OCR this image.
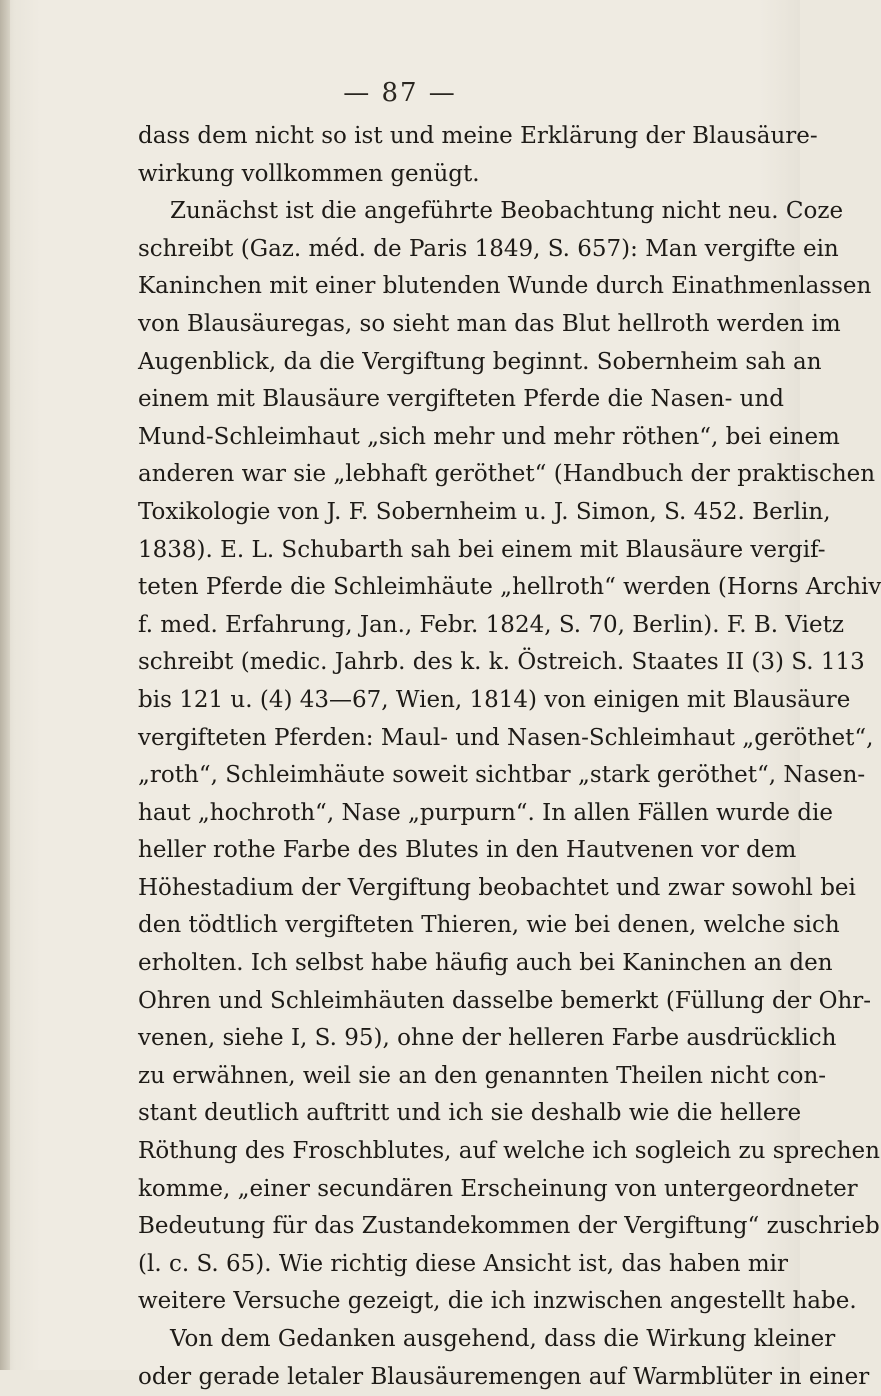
— 87 —
dass dem nicht so ist und meine Erklärung der Blausäure-
wirkung vollkommen genügt.
Zunächst ist die angeführte Beobachtung nicht neu. Coze
schreibt (Gaz. méd. de Paris 1849, S. 657): Man vergifte ein
Kaninchen mit einer blutenden Wunde durch Einathmenlassen
von Blausäuregas, so sieht man das Blut hellroth werden im
Augenblick, da die Vergiftung beginnt. Sobernheim sah an
einem mit Blausäure vergifteten Pferde die Nasen- und
Mund-Schleimhaut „sich mehr und mehr röthen“, bei einem
anderen war sie „lebhaft geröthet“ (Handbuch der praktischen
Toxikologie von J. F. Sobernheim u. J. Simon, S. 452. Berlin,
1838). E. L. Schubarth sah bei einem mit Blausäure vergif-
teten Pferde die Schleimhäute „hellroth“ werden (Horns Archiv
f. med. Erfahrung, Jan., Febr. 1824, S. 70, Berlin). F. B. Vietz
schreibt (medic. Jahrb. des k. k. Östreich. Staates II (3) S. 113
bis 121 u. (4) 43—67, Wien, 1814) von einigen mit Blausäure
vergifteten Pferden: Maul- und Nasen-Schleimhaut „geröthet“,
„roth“, Schleimhäute soweit sichtbar „stark geröthet“, Nasen-
haut „hochroth“, Nase „purpurn“. In allen Fällen wurde die
heller rothe Farbe des Blutes in den Hautvenen vor dem
Höhestadium der Vergiftung beobachtet und zwar sowohl bei
den tödtlich vergifteten Thieren, wie bei denen, welche sich
erholten. Ich selbst habe häufig auch bei Kaninchen an den
Ohren und Schleimhäuten dasselbe bemerkt (Füllung der Ohr-
venen, siehe I, S. 95), ohne der helleren Farbe ausdrücklich
zu erwähnen, weil sie an den genannten Theilen nicht con-
stant deutlich auftritt und ich sie deshalb wie die hellere
Röthung des Froschblutes, auf welche ich sogleich zu sprechen
komme, „einer secundären Erscheinung von untergeordneter
Bedeutung für das Zustandekommen der Vergiftung“ zuschrieb
(l. c. S. 65). Wie richtig diese Ansicht ist, das haben mir
weitere Versuche gezeigt, die ich inzwischen angestellt habe.
Von dem Gedanken ausgehend, dass die Wirkung kleiner
oder gerade letaler Blausäuremengen auf Warmblüter in einer
